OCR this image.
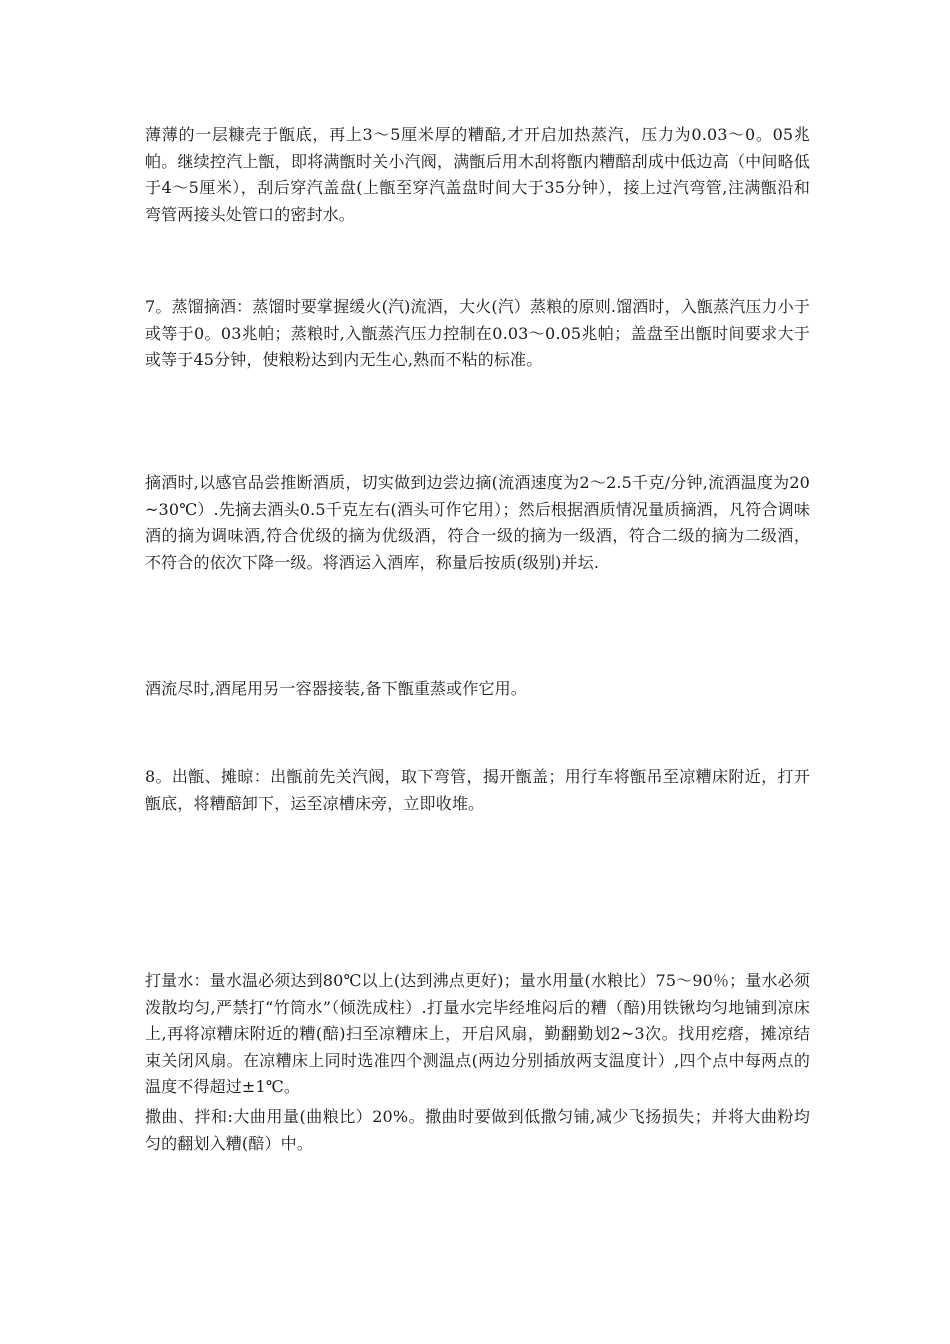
薄薄的一层糠壳于甑底，再上3～5厘米厚的糟醅,才开启加热蒸汽，压力为0.03～0。05兆帕。继续控汽上甑，即将满甑时关小汽阀，满甑后用木刮将甑内糟醅刮成中低边高（中间略低于4～5厘米），刮后穿汽盖盘(上甑至穿汽盖盘时间大于35分钟），接上过汽弯管,注满甑沿和弯管两接头处管口的密封水。

7。蒸馏摘酒：蒸馏时要掌握缓火(汽)流酒，大火(汽）蒸粮的原则.馏酒时，入甑蒸汽压力小于或等于0。03兆帕；蒸粮时,入甑蒸汽压力控制在0.03～0.05兆帕；盖盘至出甑时间要求大于或等于45分钟，使粮粉达到内无生心,熟而不粘的标准。

摘酒时,以感官品尝推断酒质，切实做到边尝边摘(流酒速度为2～2.5千克/分钟,流酒温度为20~30℃）.先摘去酒头0.5千克左右(酒头可作它用）；然后根据酒质情况量质摘酒，凡符合调味酒的摘为调味酒,符合优级的摘为优级酒，符合一级的摘为一级酒，符合二级的摘为二级酒，不符合的依次下降一级。将酒运入酒库，称量后按质(级别)并坛.

酒流尽时,酒尾用另一容器接装,备下甑重蒸或作它用。

8。出甑、摊晾：出甑前先关汽阀，取下弯管，揭开甑盖；用行车将甑吊至凉糟床附近，打开甑底，将糟醅卸下，运至凉槽床旁，立即收堆。

打量水：量水温必须达到80℃以上(达到沸点更好)；量水用量(水粮比）75～90％；量水必须泼散均匀,严禁打“竹筒水”（倾洗成柱）.打量水完毕经堆闷后的糟（醅)用铁锹均匀地铺到凉床上,再将凉糟床附近的糟(醅)扫至凉糟床上，开启风扇，勤翻勤划2~3次。找用疙瘩，摊凉结束关闭风扇。在凉糟床上同时选准四个测温点(两边分别插放两支温度计）,四个点中每两点的温度不得超过±1℃。

撒曲、拌和:大曲用量(曲粮比）20%。撒曲时要做到低撒匀铺,减少飞扬损失；并将大曲粉均匀的翻划入糟(醅）中。
